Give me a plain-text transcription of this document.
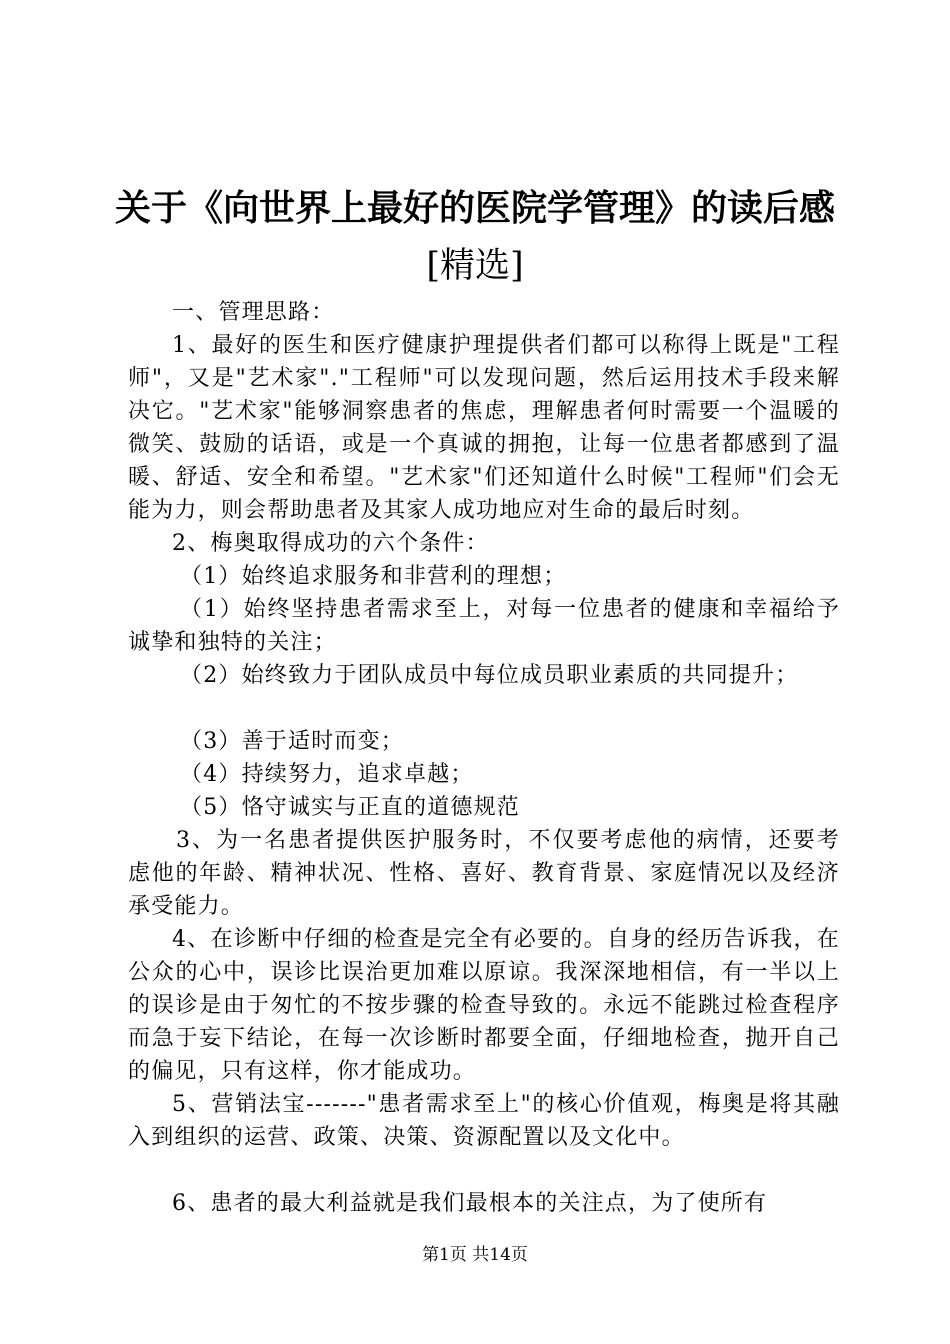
关于《向世界上最好的医院学管理》的读后感
[精选]

一、管理思路：

1、最好的医生和医疗健康护理提供者们都可以称得上既是"工程师"，又是"艺术家"."工程师"可以发现问题，然后运用技术手段来解决它。"艺术家"能够洞察患者的焦虑，理解患者何时需要一个温暖的微笑、鼓励的话语，或是一个真诚的拥抱，让每一位患者都感到了温暖、舒适、安全和希望。"艺术家"们还知道什么时候"工程师"们会无能为力，则会帮助患者及其家人成功地应对生命的最后时刻。

2、梅奥取得成功的六个条件：

（1）始终追求服务和非营利的理想；

（1）始终坚持患者需求至上，对每一位患者的健康和幸福给予诚挚和独特的关注；

（2）始终致力于团队成员中每位成员职业素质的共同提升；

（3）善于适时而变；

（4）持续努力，追求卓越；

（5）恪守诚实与正直的道德规范

3、为一名患者提供医护服务时，不仅要考虑他的病情，还要考虑他的年龄、精神状况、性格、喜好、教育背景、家庭情况以及经济承受能力。

4、在诊断中仔细的检查是完全有必要的。自身的经历告诉我，在公众的心中，误诊比误治更加难以原谅。我深深地相信，有一半以上的误诊是由于匆忙的不按步骤的检查导致的。永远不能跳过检查程序而急于妄下结论，在每一次诊断时都要全面，仔细地检查，抛开自己的偏见，只有这样，你才能成功。

5、营销法宝-------"患者需求至上"的核心价值观，梅奥是将其融入到组织的运营、政策、决策、资源配置以及文化中。

6、患者的最大利益就是我们最根本的关注点，为了使所有

第1页 共14页
